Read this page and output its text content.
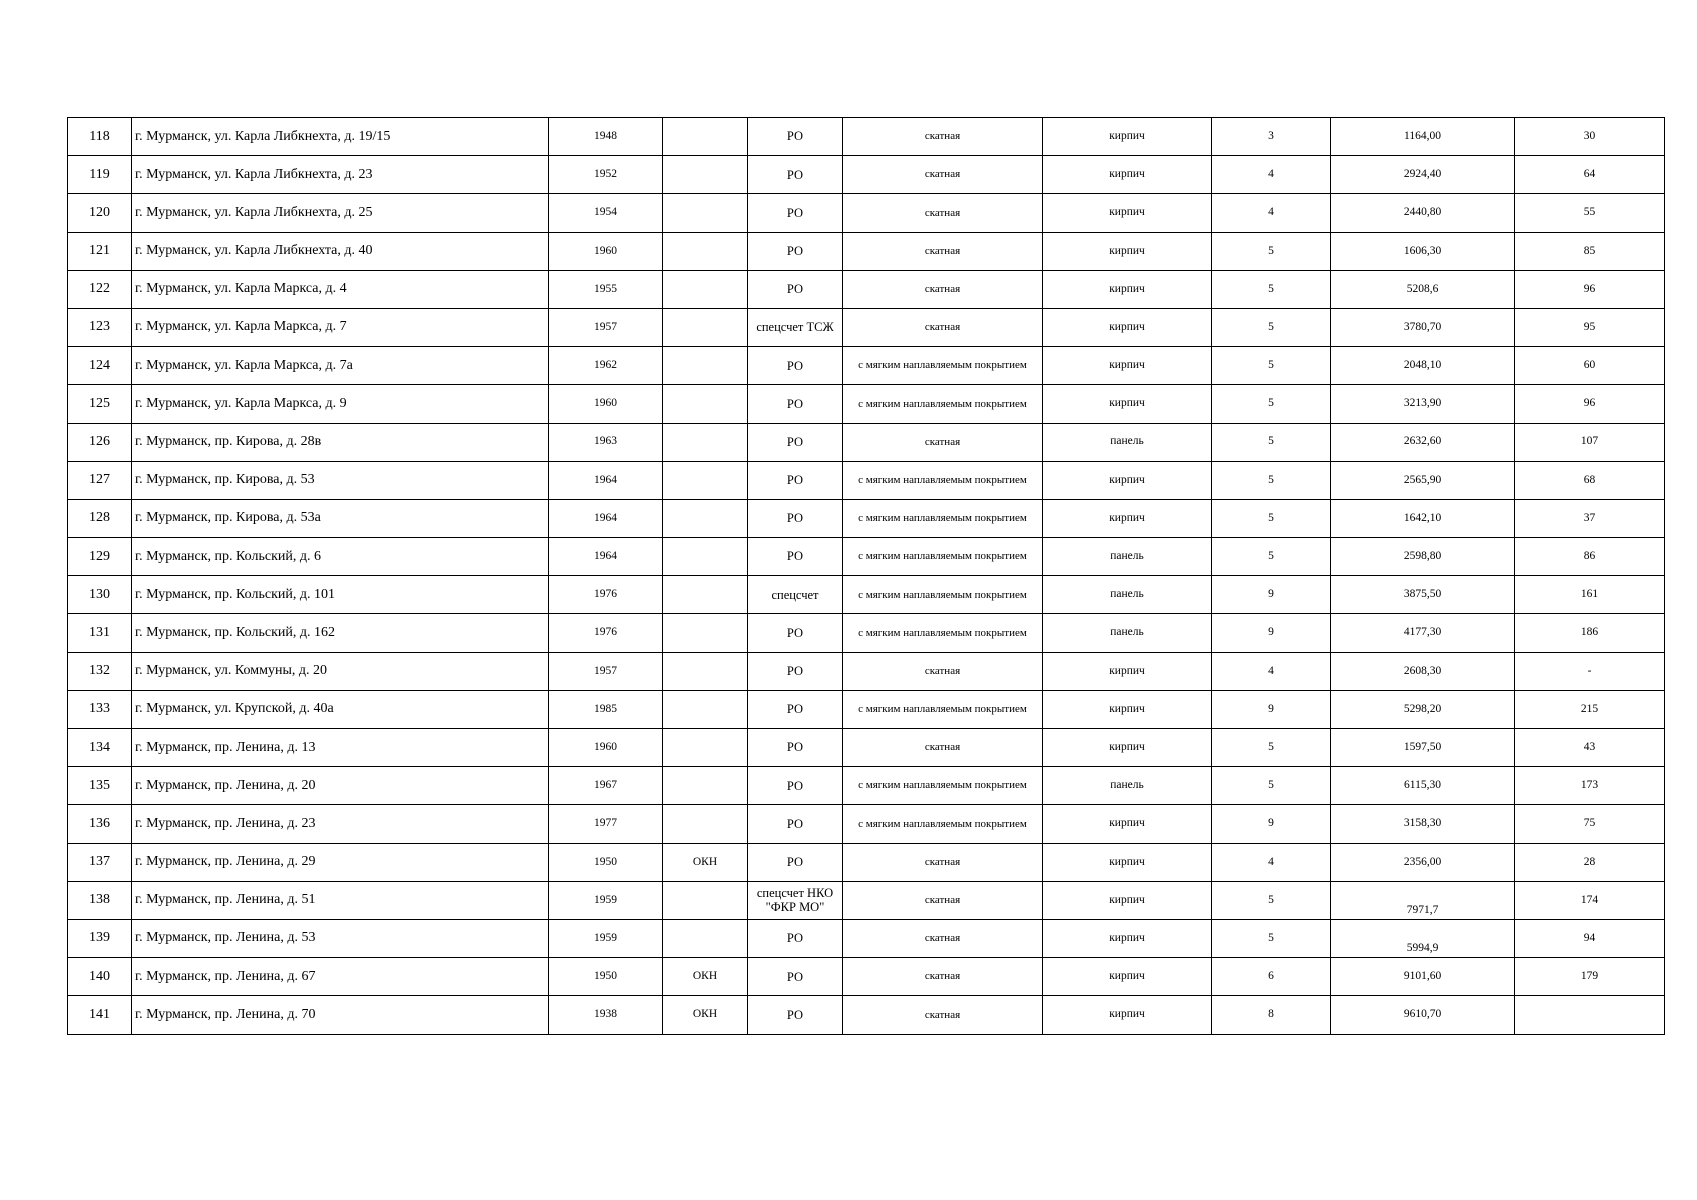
118	г. Мурманск, ул. Карла Либкнехта, д. 19/15	1948		РО	скатная	кирпич	3	1164,00	30
119	г. Мурманск, ул. Карла Либкнехта, д. 23	1952		РО	скатная	кирпич	4	2924,40	64
120	г. Мурманск, ул. Карла Либкнехта, д. 25	1954		РО	скатная	кирпич	4	2440,80	55
121	г. Мурманск, ул. Карла Либкнехта, д. 40	1960		РО	скатная	кирпич	5	1606,30	85
122	г. Мурманск, ул. Карла Маркса, д. 4	1955		РО	скатная	кирпич	5	5208,6	96
123	г. Мурманск, ул. Карла Маркса, д. 7	1957		спецсчет ТСЖ	скатная	кирпич	5	3780,70	95
124	г. Мурманск, ул. Карла Маркса, д. 7а	1962		РО	с мягким наплавляемым покрытием	кирпич	5	2048,10	60
125	г. Мурманск, ул. Карла Маркса, д. 9	1960		РО	с мягким наплавляемым покрытием	кирпич	5	3213,90	96
126	г. Мурманск, пр. Кирова, д. 28в	1963		РО	скатная	панель	5	2632,60	107
127	г. Мурманск, пр. Кирова, д. 53	1964		РО	с мягким наплавляемым покрытием	кирпич	5	2565,90	68
128	г. Мурманск, пр. Кирова, д. 53а	1964		РО	с мягким наплавляемым покрытием	кирпич	5	1642,10	37
129	г. Мурманск, пр. Кольский, д. 6	1964		РО	с мягким наплавляемым покрытием	панель	5	2598,80	86
130	г. Мурманск, пр. Кольский, д. 101	1976		спецсчет	с мягким наплавляемым покрытием	панель	9	3875,50	161
131	г. Мурманск, пр. Кольский, д. 162	1976		РО	с мягким наплавляемым покрытием	панель	9	4177,30	186
132	г. Мурманск, ул. Коммуны, д. 20	1957		РО	скатная	кирпич	4	2608,30	-
133	г. Мурманск, ул. Крупской, д. 40а	1985		РО	с мягким наплавляемым покрытием	кирпич	9	5298,20	215
134	г. Мурманск, пр. Ленина, д. 13	1960		РО	скатная	кирпич	5	1597,50	43
135	г. Мурманск, пр. Ленина, д. 20	1967		РО	с мягким наплавляемым покрытием	панель	5	6115,30	173
136	г. Мурманск, пр. Ленина, д. 23	1977		РО	с мягким наплавляемым покрытием	кирпич	9	3158,30	75
137	г. Мурманск, пр. Ленина, д. 29	1950	ОКН	РО	скатная	кирпич	4	2356,00	28
138	г. Мурманск, пр. Ленина, д. 51	1959		спецсчет НКО "ФКР МО"	скатная	кирпич	5	7971,7	174
139	г. Мурманск, пр. Ленина, д. 53	1959		РО	скатная	кирпич	5	5994,9	94
140	г. Мурманск, пр. Ленина, д. 67	1950	ОКН	РО	скатная	кирпич	6	9101,60	179
141	г. Мурманск, пр. Ленина, д. 70	1938	ОКН	РО	скатная	кирпич	8	9610,70	
